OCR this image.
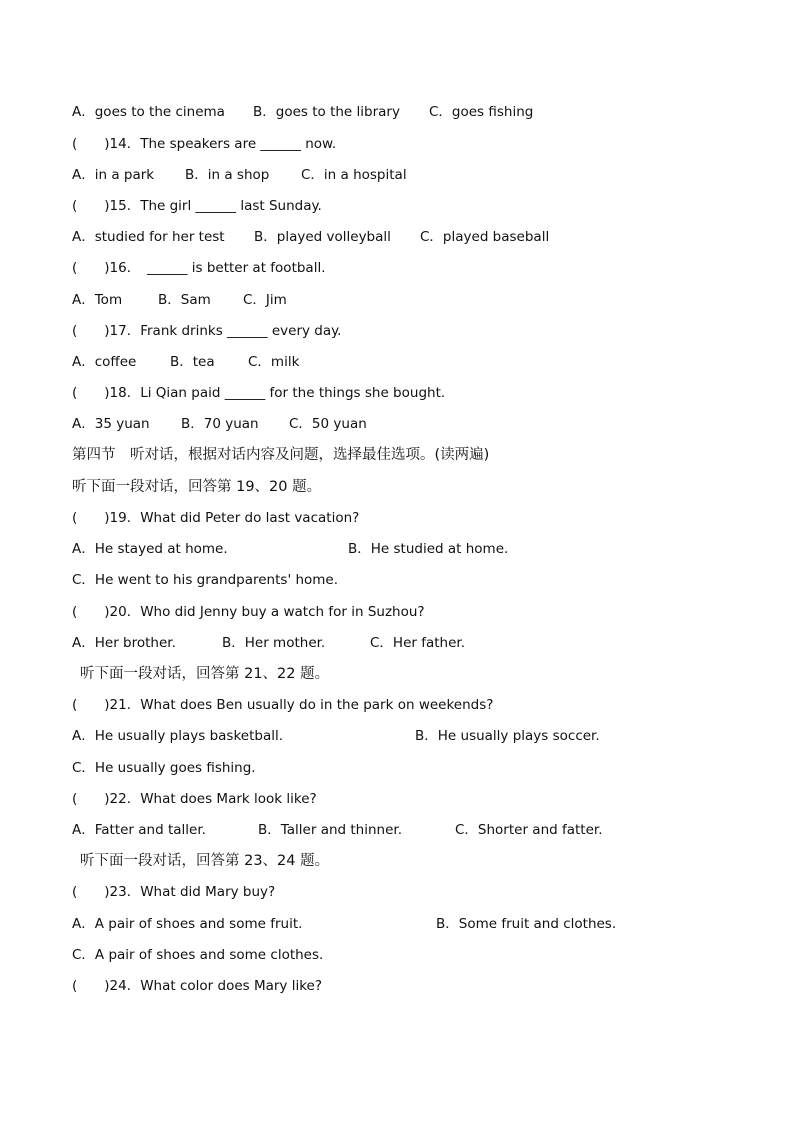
A．goes to the cinema B．goes to the library C．goes fishing
(　　)14．The speakers are ______ now.
A．in a park B．in a shop C．in a hospital
(　　)15．The girl ______ last Sunday.
A．studied for her test B．played volleyball C．played baseball
(　　)16．　______ is better at football.
A．Tom	B．Sam C．Jim
(　　)17．Frank drinks ______ every day.
A．coffee B．tea C．milk
(　　)18．Li Qian paid ______ for the things she bought.
A．35 yuan B．70 yuan C．50 yuan
第四节　听对话，根据对话内容及问题，选择最佳选项。(读两遍)
听下面一段对话，回答第 19、20 题。
(　　)19．What did Peter do last vacation?
A．He stayed at home.	B．He studied at home.
C．He went to his grandparents' home.
(　　)20．Who did Jenny buy a watch for in Suzhou?
A．Her brother.	B．Her mother.	C．Her father.
听下面一段对话，回答第 21、22 题。
(　　)21．What does Ben usually do in the park on weekends?
A．He usually plays basketball.	B．He usually plays soccer.
C．He usually goes fishing.
(　　)22．What does Mark look like?
A．Fatter and taller.	B．Taller and thinner.	C．Shorter and fatter.
听下面一段对话，回答第 23、24 题。
(　　)23．What did Mary buy?
A．A pair of shoes and some fruit.	B．Some fruit and clothes.
C．A pair of shoes and some clothes.
(　　)24．What color does Mary like?
